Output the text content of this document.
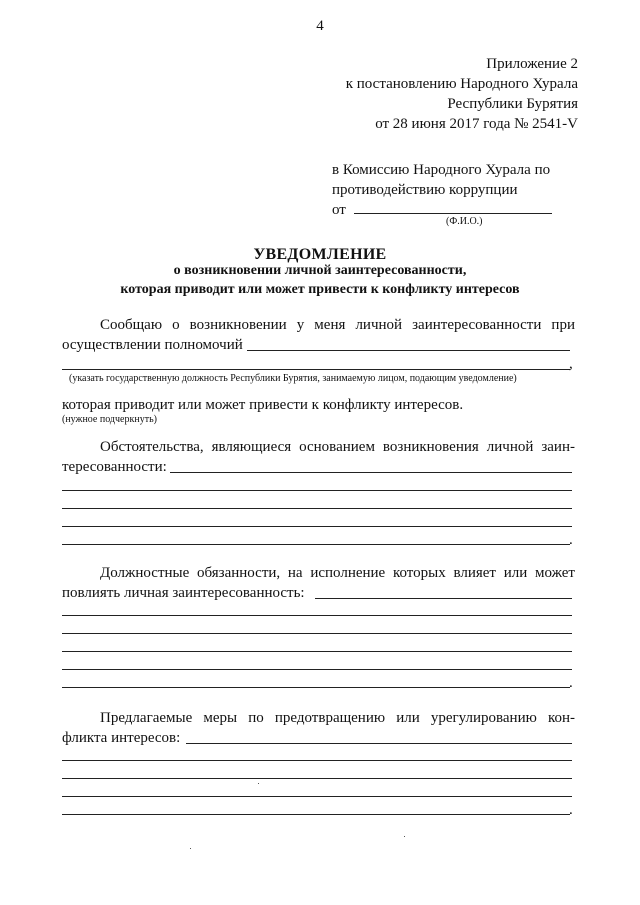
4
Приложение 2
к постановлению Народного Хурала
Республики Бурятия
от 28 июня 2017 года № 2541-V
в Комиссию Народного Хурала по
противодействию коррупции
от
(Ф.И.О.)
УВЕДОМЛЕНИЕ
о возникновении личной заинтересованности,
которая приводит или может привести к конфликту интересов
Сообщаю о возникновении у меня личной заинтересованности при
осуществлении полномочий
,
(указать государственную должность Республики Бурятия, занимаемую лицом, подающим уведомление)
которая приводит или может привести к конфликту интересов.
(нужное подчеркнуть)
Обстоятельства, являющиеся основанием возникновения личной заин-
тересованности:
.
Должностные обязанности, на исполнение которых влияет или может
повлиять личная заинтересованность:
.
Предлагаемые меры по предотвращению или урегулированию кон-
фликта интересов:
.
